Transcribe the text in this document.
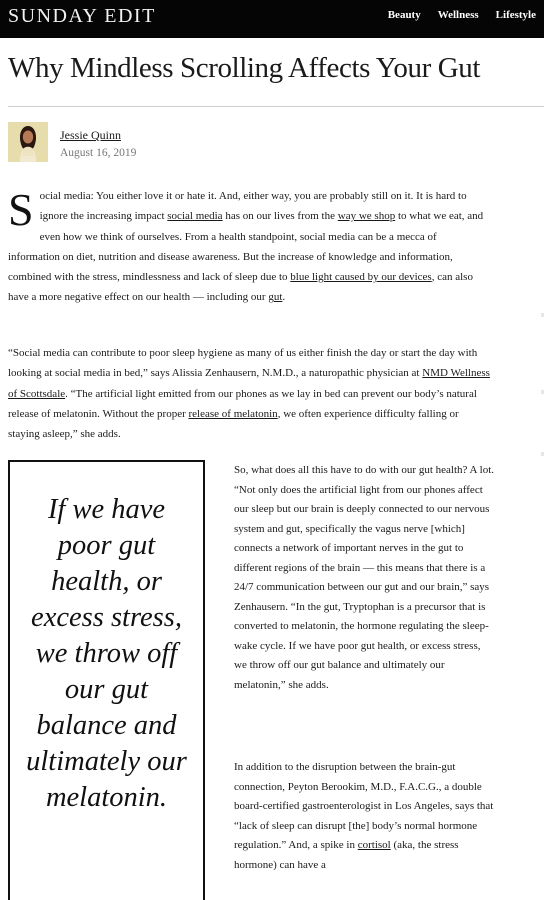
SUNDAY EDIT	Beauty Wellness Lifestyle
Why Mindless Scrolling Affects Your Gut
Jessie Quinn
August 16, 2019

Social media: You either love it or hate it. And, either way, you are probably still on it. It is hard to ignore the increasing impact social media has on our lives from the way we shop to what we eat, and even how we think of ourselves. From a health standpoint, social media can be a mecca of information on diet, nutrition and disease awareness. But the increase of knowledge and information, combined with the stress, mindlessness and lack of sleep due to blue light caused by our devices, can also have a more negative effect on our health — including our gut.

“Social media can contribute to poor sleep hygiene as many of us either finish the day or start the day with looking at social media in bed,” says Alissia Zenhausern, N.M.D., a naturopathic physician at NMD Wellness of Scottsdale. “The artificial light emitted from our phones as we lay in bed can prevent our body’s natural release of melatonin. Without the proper release of melatonin, we often experience difficulty falling or staying asleep,” she adds.

If we have poor gut health, or excess stress, we throw off our gut balance and ultimately our melatonin.

So, what does all this have to do with our gut health? A lot. “Not only does the artificial light from our phones affect our sleep but our brain is deeply connected to our nervous system and gut, specifically the vagus nerve [which] connects a network of important nerves in the gut to different regions of the brain — this means that there is a 24/7 communication between our gut and our brain,” says Zenhausern. “In the gut, Tryptophan is a precursor that is converted to melatonin, the hormone regulating the sleep-wake cycle. If we have poor gut health, or excess stress, we throw off our gut balance and ultimately our melatonin,” she adds.

In addition to the disruption between the brain-gut connection, Peyton Berookim, M.D., F.A.C.G., a double board-certified gastroenterologist in Los Angeles, says that “lack of sleep can disrupt [the] body’s normal hormone regulation.” And, a spike in cortisol (aka, the stress hormone) can have a
